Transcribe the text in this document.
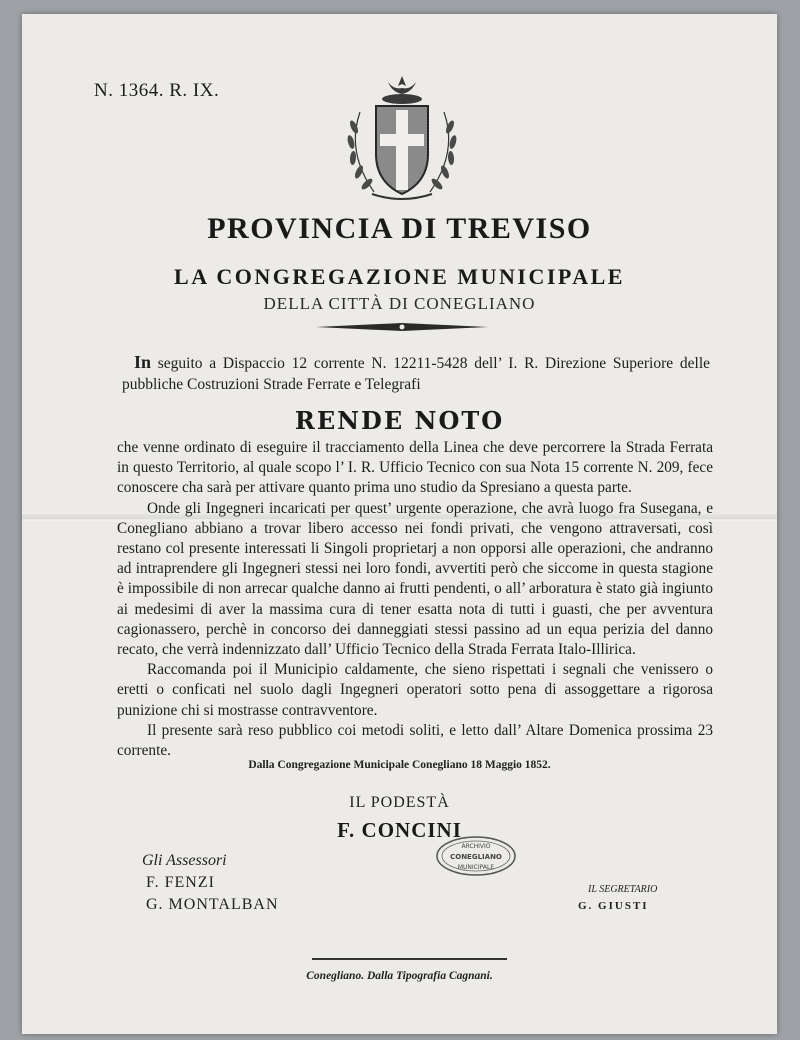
N. 1364. R. IX.
PROVINCIA DI TREVISO
LA CONGREGAZIONE MUNICIPALE
DELLA CITTÀ DI CONEGLIANO
In seguito a Dispaccio 12 corrente N. 12211-5428 dell’ I. R. Direzione Superiore delle pubbliche Costruzioni Strade Ferrate e Telegrafi
RENDE NOTO

che venne ordinato di eseguire il tracciamento della Linea che deve percorrere la Strada Ferrata in questo Territorio, al quale scopo l’ I. R. Ufficio Tecnico con sua Nota 15 corrente N. 209, fece conoscere cha sarà per attivare quanto prima uno studio da Spresiano a questa parte.

Onde gli Ingegneri incaricati per quest’ urgente operazione, che avrà luogo fra Susegana, e Conegliano abbiano a trovar libero accesso nei fondi privati, che vengono attraversati, così restano col presente interessati li Singoli proprietarj a non opporsi alle operazioni, che andranno ad intraprendere gli Ingegneri stessi nei loro fondi, avvertiti però che siccome in questa stagione è impossibile di non arrecar qualche danno ai frutti pendenti, o all’ arboratura è stato già ingiunto ai medesimi di aver la massima cura di tener esatta nota di tutti i guasti, che per avventura cagionassero, perchè in concorso dei danneggiati stessi passino ad un equa perizia del danno recato, che verrà indennizzato dall’ Ufficio Tecnico della Strada Ferrata Italo-Illirica.

Raccomanda poi il Municipio caldamente, che sieno rispettati i segnali che venissero o eretti o conficati nel suolo dagli Ingegneri operatori sotto pena di assoggettare a rigorosa punizione chi si mostrasse contravventore.

Il presente sarà reso pubblico coi metodi soliti, e letto dall’ Altare Domenica prossima 23 corrente.

Dalla Congregazione Municipale Conegliano 18 Maggio 1852.
IL PODESTÀ
F. CONCINI
Gli Assessori
F. FENZI
G. MONTALBAN
ARCHIVIO
CONEGLIANO
MUNICIPALE
IL SEGRETARIO
G. GIUSTI
Conegliano. Dalla Tipografia Cagnani.
